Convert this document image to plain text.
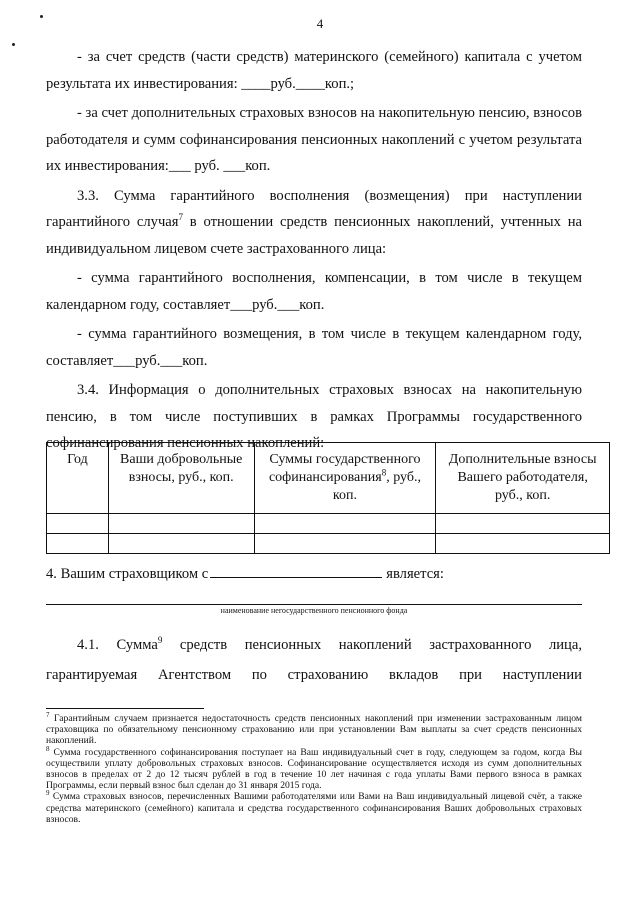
4

- за счет средств (части средств) материнского (семейного) капитала с учетом результата их инвестирования: ____руб.____коп.;

- за счет дополнительных страховых взносов на накопительную пенсию, взносов работодателя и сумм софинансирования пенсионных накоплений с учетом результата их инвестирования:___ руб. ___коп.

3.3. Сумма гарантийного восполнения (возмещения) при наступлении гарантийного случая$^7$ в отношении средств пенсионных накоплений, учтенных на индивидуальном лицевом счете застрахованного лица:

- сумма гарантийного восполнения, компенсации, в том числе в текущем календарном году, составляет___руб.___коп.

- сумма гарантийного возмещения, в том числе в текущем календарном году, составляет___руб.___коп.

3.4. Информация о дополнительных страховых взносах на накопительную пенсию, в том числе поступивших в рамках Программы государственного софинансирования пенсионных накоплений:

Год	Ваши добровольные взносы, руб., коп.	Суммы государственного софинансирования$^8$, руб., коп.	Дополнительные взносы Вашего работодателя, руб., коп.

4. Вашим страховщиком с	является:
наименование негосударственного пенсионного фонда

4.1. Сумма$^9$ средств пенсионных накоплений застрахованного лица, гарантируемая Агентством по страхованию вкладов при наступлении

$^7$ Гарантийным случаем признается недостаточность средств пенсионных накоплений при изменении застрахованным лицом страховщика по обязательному пенсионному страхованию или при установлении Вам выплаты за счет средств пенсионных накоплений.

$^8$ Сумма государственного софинансирования поступает на Ваш индивидуальный счет в году, следующем за годом, когда Вы осуществили уплату добровольных страховых взносов. Софинансирование осуществляется исходя из сумм дополнительных взносов в пределах от 2 до 12 тысяч рублей в год в течение 10 лет начиная с года уплаты Вами первого взноса в рамках Программы, если первый взнос был сделан до 31 января 2015 года.

$^9$ Сумма страховых взносов, перечисленных Вашими работодателями или Вами на Ваш индивидуальный лицевой счёт, а также средства материнского (семейного) капитала и средства государственного софинансирования Ваших добровольных страховых взносов.
